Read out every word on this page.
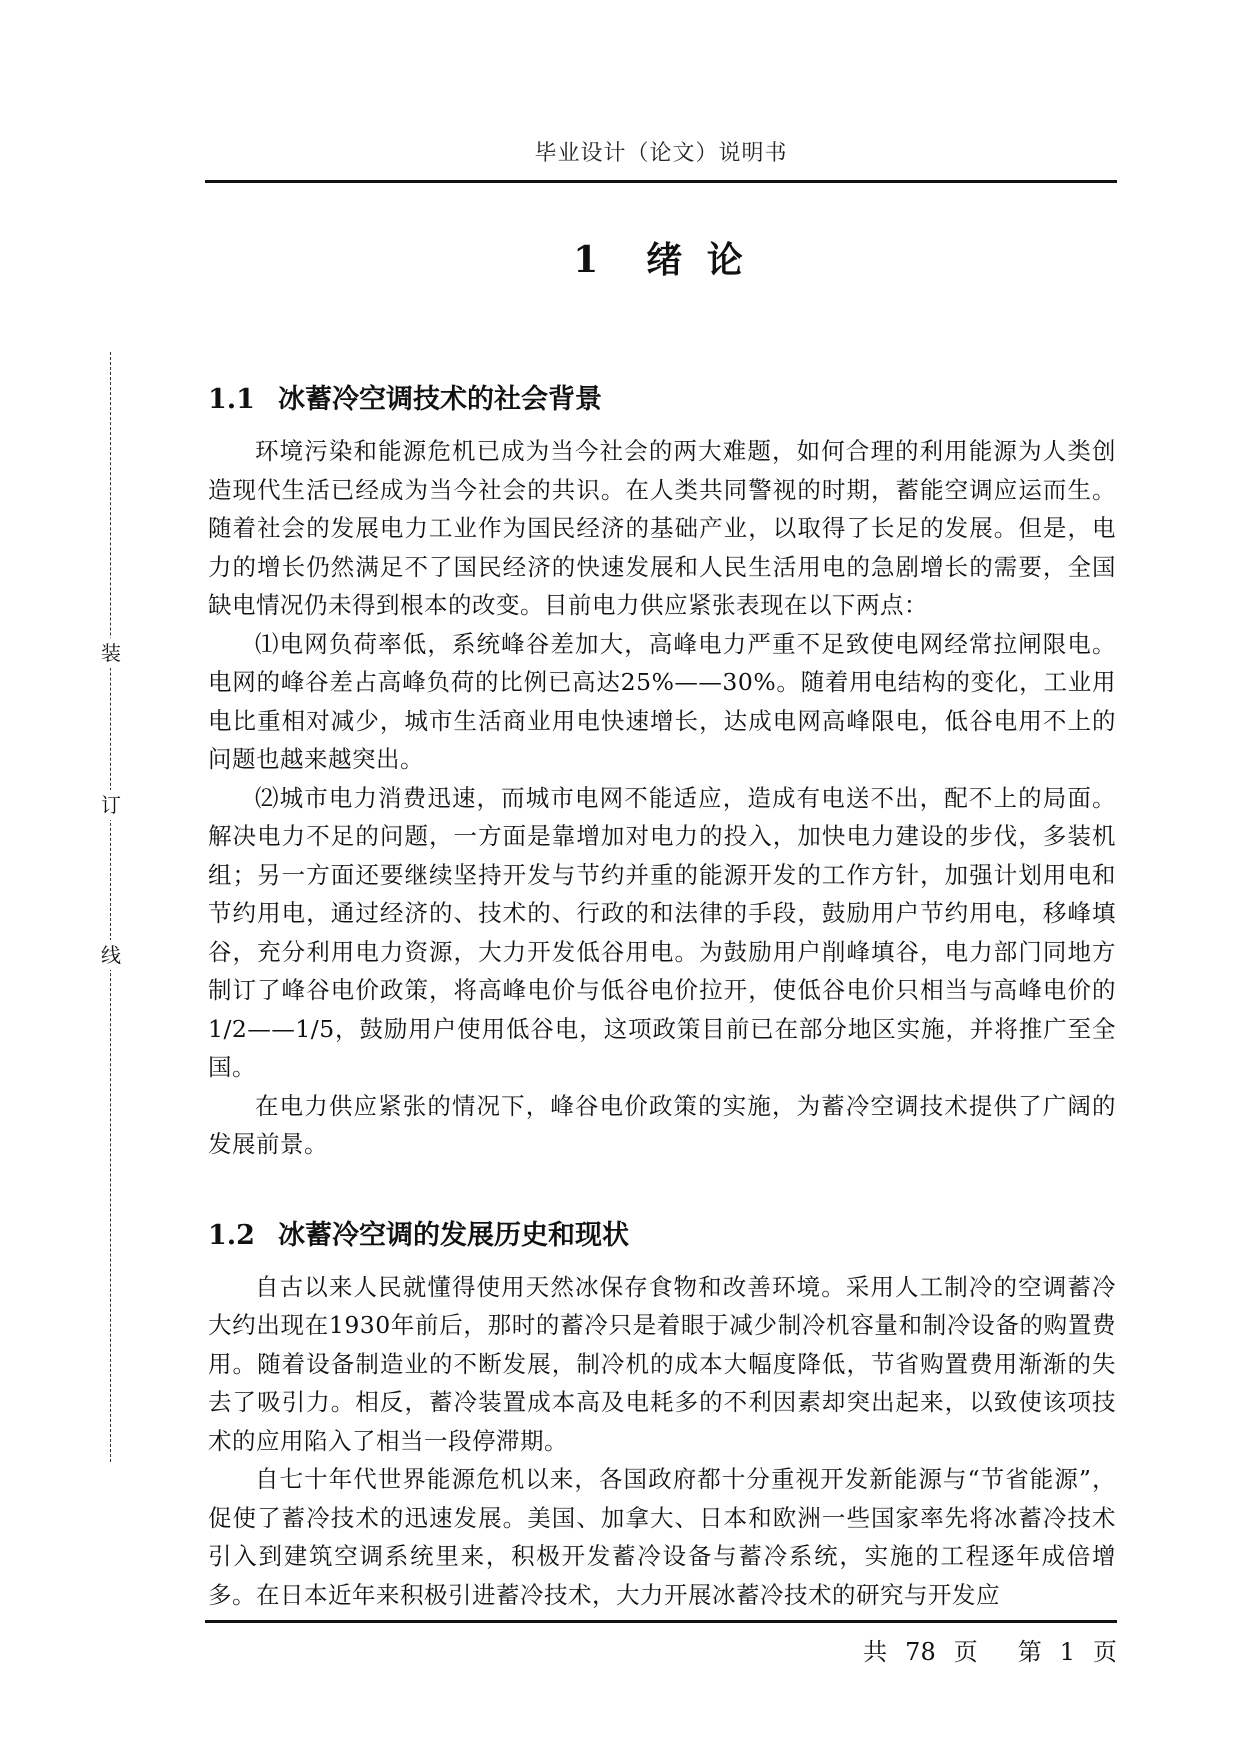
毕业设计（论文）说明书
1　绪 论
装
订
线
1.1 冰蓄冷空调技术的社会背景

环境污染和能源危机已成为当今社会的两大难题，如何合理的利用能源为人类创造现代生活已经成为当今社会的共识。在人类共同警视的时期，蓄能空调应运而生。随着社会的发展电力工业作为国民经济的基础产业，以取得了长足的发展。但是，电力的增长仍然满足不了国民经济的快速发展和人民生活用电的急剧增长的需要，全国缺电情况仍未得到根本的改变。目前电力供应紧张表现在以下两点：

⑴电网负荷率低，系统峰谷差加大，高峰电力严重不足致使电网经常拉闸限电。电网的峰谷差占高峰负荷的比例已高达25%——30%。随着用电结构的变化，工业用电比重相对减少，城市生活商业用电快速增长，达成电网高峰限电，低谷电用不上的问题也越来越突出。

⑵城市电力消费迅速，而城市电网不能适应，造成有电送不出，配不上的局面。解决电力不足的问题，一方面是靠增加对电力的投入，加快电力建设的步伐，多装机组；另一方面还要继续坚持开发与节约并重的能源开发的工作方针，加强计划用电和节约用电，通过经济的、技术的、行政的和法律的手段，鼓励用户节约用电，移峰填谷，充分利用电力资源，大力开发低谷用电。为鼓励用户削峰填谷，电力部门同地方制订了峰谷电价政策，将高峰电价与低谷电价拉开，使低谷电价只相当与高峰电价的1/2——1/5，鼓励用户使用低谷电，这项政策目前已在部分地区实施，并将推广至全国。

在电力供应紧张的情况下，峰谷电价政策的实施，为蓄冷空调技术提供了广阔的发展前景。

1.2 冰蓄冷空调的发展历史和现状

自古以来人民就懂得使用天然冰保存食物和改善环境。采用人工制冷的空调蓄冷大约出现在1930年前后，那时的蓄冷只是着眼于减少制冷机容量和制冷设备的购置费用。随着设备制造业的不断发展，制冷机的成本大幅度降低，节省购置费用渐渐的失去了吸引力。相反，蓄冷装置成本高及电耗多的不利因素却突出起来，以致使该项技术的应用陷入了相当一段停滞期。

自七十年代世界能源危机以来，各国政府都十分重视开发新能源与“节省能源”，促使了蓄冷技术的迅速发展。美国、加拿大、日本和欧洲一些国家率先将冰蓄冷技术引入到建筑空调系统里来，积极开发蓄冷设备与蓄冷系统，实施的工程逐年成倍增多。在日本近年来积极引进蓄冷技术，大力开展冰蓄冷技术的研究与开发应

共 78 页 第 1 页
